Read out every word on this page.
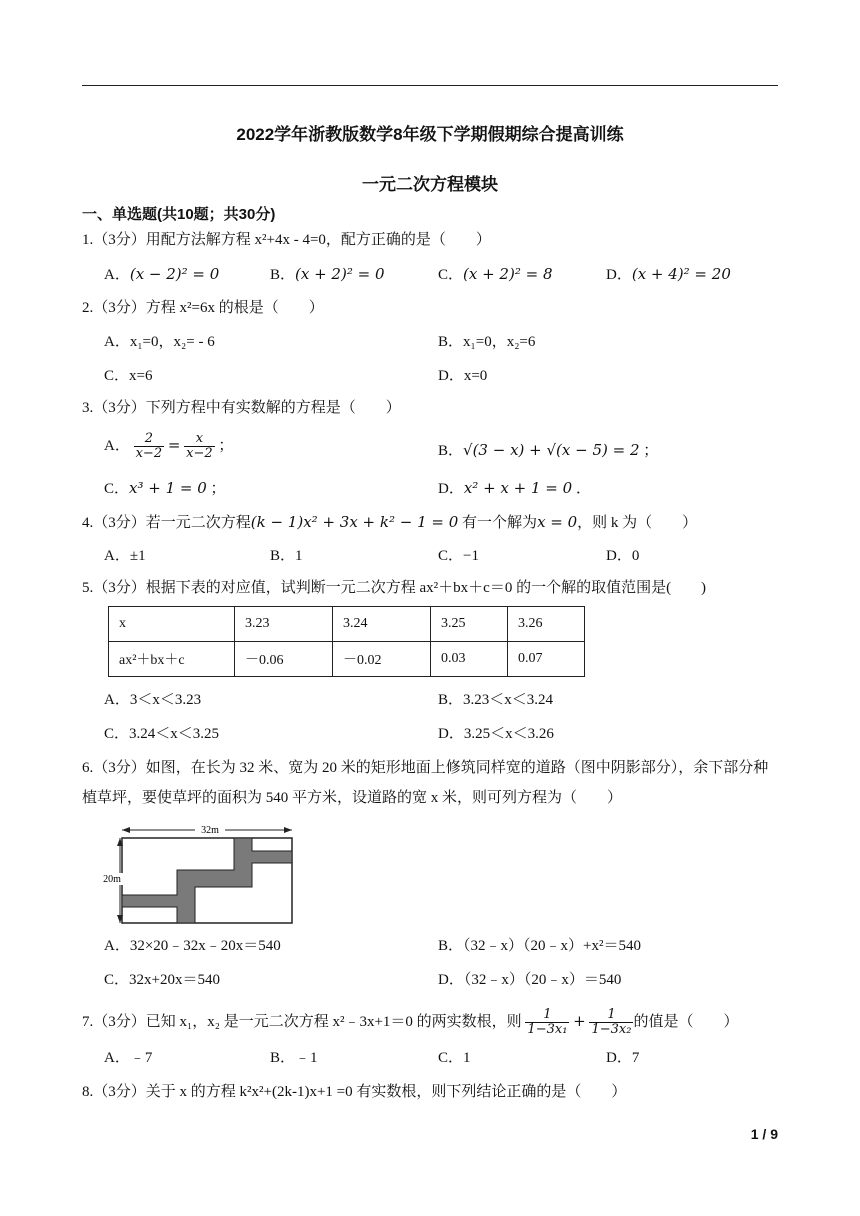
2022学年浙教版数学8年级下学期假期综合提高训练
一元二次方程模块
一、单选题(共10题；共30分)
1.（3分）用配方法解方程 x²+4x - 4=0，配方正确的是（　　）
A．(x − 2)² = 0	B．(x + 2)² = 0	C．(x + 2)² = 8	D．(x + 4)² = 20
2.（3分）方程 x²=6x 的根是（　　）
A．x₁=0，x₂= - 6	B．x₁=0，x₂=6
C．x=6	D．x=0
3.（3分）下列方程中有实数解的方程是（　　）
A． $\frac{2}{x-2} = \frac{x}{x-2}$ ；	B．√(3 − x) + √(x − 5) = 2 ；
C．x³ + 1 = 0 ；	D．x² + x + 1 = 0 ．
4.（3分）若一元二次方程(k − 1)x² + 3x + k² − 1 = 0 有一个解为x = 0，则 k 为（　　）
A．±1	B．1	C．−1	D．0
5.（3分）根据下表的对应值，试判断一元二次方程 ax²＋bx＋c＝0 的一个解的取值范围是(　　)
x	3.23	3.24	3.25	3.26
ax²＋bx＋c	－0.06	－0.02	0.03	0.07
A．3＜x＜3.23	B．3.23＜x＜3.24
C．3.24＜x＜3.25	D．3.25＜x＜3.26
6.（3分）如图，在长为 32 米、宽为 20 米的矩形地面上修筑同样宽的道路（图中阴影部分），余下部分种植草坪，要使草坪的面积为 540 平方米，设道路的宽 x 米，则可列方程为（　　）
32m
20m
A．32×20﹣32x﹣20x＝540	B．（32﹣x）（20﹣x）+x²＝540
C．32x+20x＝540	D．（32﹣x）（20﹣x）＝540
7.（3分）已知 x₁，x₂ 是一元二次方程 x²﹣3x+1＝0 的两实数根，则 $\frac{1}{\text{1−3x₁}} + \frac{1}{\text{1−3x₂}}$ 的值是（　　）
A．﹣7	B．﹣1	C．1	D．7
8.（3分）关于 x 的方程 k²x²+(2k-1)x+1 =0 有实数根，则下列结论正确的是（　　）
1 / 9
